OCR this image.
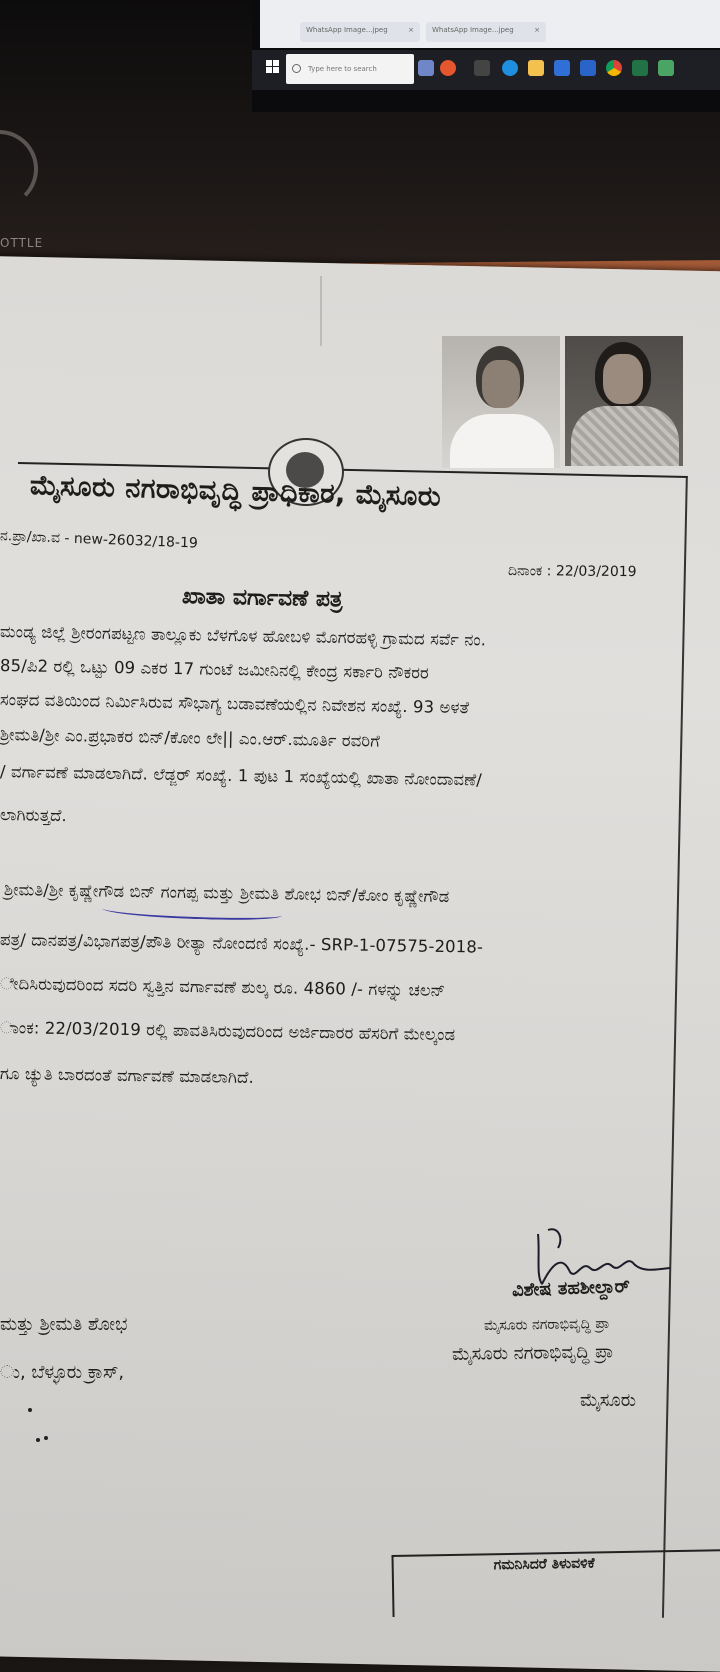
OTTLE
WhatsApp Image...jpeg	×	WhatsApp Image...jpeg	×
Type here to search
ಮೈಸೂರು ನಗರಾಭಿವೃದ್ಧಿ ಪ್ರಾಧಿಕಾರ, ಮೈಸೂರು
ನ.ಪ್ರಾ/ಖಾ.ವ - new-26032/18-19
ದಿನಾಂಕ : 22/03/2019
ಖಾತಾ ವರ್ಗಾವಣೆ ಪತ್ರ
ಮಂಡ್ಯ ಜಿಲ್ಲೆ ಶ್ರೀರಂಗಪಟ್ಟಣ ತಾಲ್ಲೂಕು ಬೆಳಗೊಳ ಹೋಬಳಿ ಮೊಗರಹಳ್ಳಿ ಗ್ರಾಮದ ಸರ್ವೆ ನಂ.
85/ಪಿ2 ರಲ್ಲಿ ಒಟ್ಟು 09 ಎಕರ 17 ಗುಂಟೆ ಜಮೀನಿನಲ್ಲಿ ಕೇಂದ್ರ ಸರ್ಕಾರಿ ನೌಕರರ
ಸಂಘದ ವತಿಯಿಂದ ನಿರ್ಮಿಸಿರುವ ಸೌಭಾಗ್ಯ ಬಡಾವಣೆಯಲ್ಲಿನ ನಿವೇಶನ ಸಂಖ್ಯೆ. 93 ಅಳತೆ
ಶ್ರೀಮತಿ/ಶ್ರೀ ಎಂ.ಪ್ರಭಾಕರ ಬಿನ್/ಕೋಂ ಲೇ|| ಎಂ.ಆರ್.ಮೂರ್ತಿ ರವರಿಗೆ
/ ವರ್ಗಾವಣೆ ಮಾಡಲಾಗಿದೆ. ಲೆಡ್ಜರ್ ಸಂಖ್ಯೆ. 1 ಪುಟ 1 ಸಂಖ್ಯೆಯಲ್ಲಿ ಖಾತಾ ನೋಂದಾವಣೆ/
ಲಾಗಿರುತ್ತದೆ.
ಶ್ರೀಮತಿ/ಶ್ರೀ ಕೃಷ್ಣೇಗೌಡ ಬಿನ್ ಗಂಗಪ್ಪ ಮತ್ತು ಶ್ರೀಮತಿ ಶೋಭ ಬಿನ್/ಕೋಂ ಕೃಷ್ಣೇಗೌಡ
ಪತ್ರ/ ದಾನಪತ್ರ/ವಿಭಾಗಪತ್ರ/ಪೌತಿ ರೀತ್ಯಾ ನೋಂದಣಿ ಸಂಖ್ಯೆ.- SRP-1-07575-2018-
ೇದಿಸಿರುವುದರಿಂದ ಸದರಿ ಸ್ವತ್ತಿನ ವರ್ಗಾವಣೆ ಶುಲ್ಕ ರೂ. 4860 /- ಗಳನ್ನು ಚಲನ್
ಾಂಕ: 22/03/2019 ರಲ್ಲಿ ಪಾವತಿಸಿರುವುದರಿಂದ ಅರ್ಜಿದಾರರ ಹೆಸರಿಗೆ ಮೇಲ್ಕಂಡ
ಗೂ ಚ್ಯುತಿ ಬಾರದಂತೆ ವರ್ಗಾವಣೆ ಮಾಡಲಾಗಿದೆ.
ಮತ್ತು ಶ್ರೀಮತಿ ಶೋಭ
ು, ಬೆಳ್ಳೂರು ಕ್ರಾಸ್,
ವಿಶೇಷ ತಹಶೀಲ್ದಾರ್
ಮೈಸೂರು ನಗರಾಭಿವೃದ್ಧಿ ಪ್ರಾ
ಮೈಸೂರು ನಗರಾಭಿವೃದ್ಧಿ ಪ್ರಾ
ಮೈಸೂರು
ಗಮನಿಸಿದರೆ ತಿಳುವಳಿಕೆ
